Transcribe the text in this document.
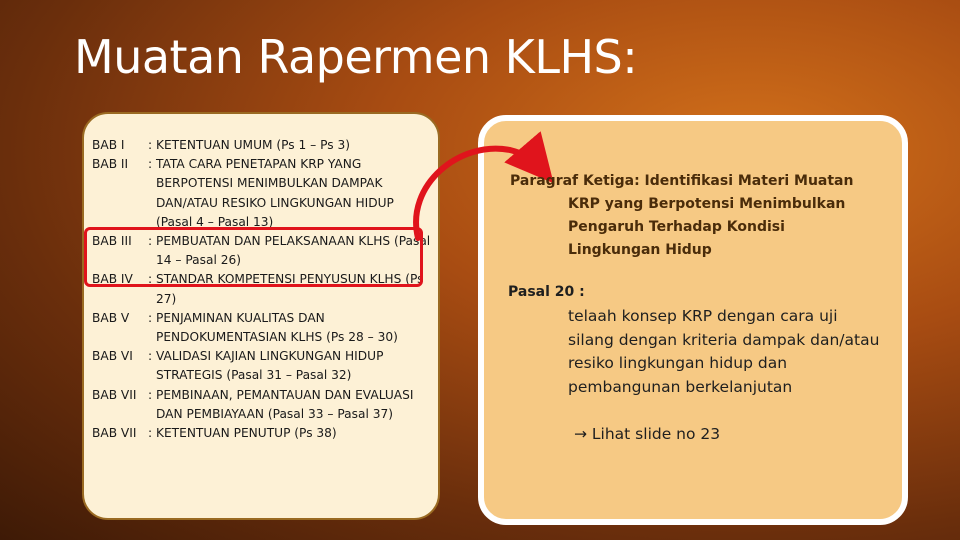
Muatan Rapermen KLHS:
BAB I	: KETENTUAN UMUM (Ps 1 – Ps 3)
BAB II	: TATA CARA PENETAPAN KRP YANG BERPOTENSI MENIMBULKAN DAMPAK DAN/ATAU RESIKO LINGKUNGAN HIDUP (Pasal 4 – Pasal 13)
BAB III	: PEMBUATAN DAN PELAKSANAAN KLHS (Pasal 14 – Pasal 26)
BAB IV	: STANDAR KOMPETENSI PENYUSUN KLHS (Ps 27)
BAB V	: PENJAMINAN KUALITAS DAN PENDOKUMENTASIAN KLHS (Ps 28 – 30)
BAB VI	: VALIDASI KAJIAN LINGKUNGAN HIDUP STRATEGIS (Pasal 31 – Pasal 32)
BAB VII : PEMBINAAN, PEMANTAUAN DAN EVALUASI DAN PEMBIAYAAN (Pasal 33 – Pasal 37)
BAB VII : KETENTUAN PENUTUP (Ps 38)
Paragraf Ketiga: Identifikasi Materi Muatan
KRP yang Berpotensi Menimbulkan
Pengaruh Terhadap Kondisi
Lingkungan Hidup
Pasal 20 :
telaah konsep KRP dengan cara uji silang dengan kriteria dampak dan/atau resiko lingkungan hidup dan pembangunan berkelanjutan
→ Lihat slide no 23
